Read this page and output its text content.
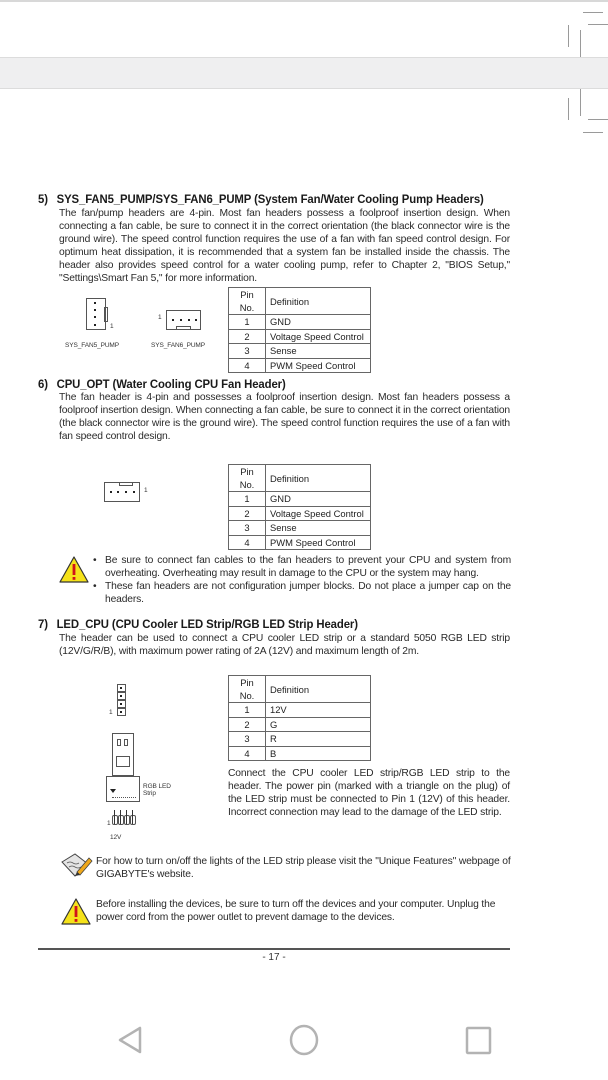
5) SYS_FAN5_PUMP/SYS_FAN6_PUMP (System Fan/Water Cooling Pump Headers)
The fan/pump headers are 4-pin. Most fan headers possess a foolproof insertion design. When connecting a fan cable, be sure to connect it in the correct orientation (the black connector wire is the ground wire). The speed control function requires the use of a fan with fan speed control design. For optimum heat dissipation, it is recommended that a system fan be installed inside the chassis. The header also provides speed control for a water cooling pump, refer to Chapter 2, "BIOS Setup," "Settings\Smart Fan 5," for more information.
1
SYS_FAN5_PUMP
1
SYS_FAN6_PUMP
Pin No.	Definition
1	GND
2	Voltage Speed Control
3	Sense
4	PWM Speed Control
6) CPU_OPT (Water Cooling CPU Fan Header)
The fan header is 4-pin and possesses a foolproof insertion design. Most fan headers possess a foolproof insertion design. When connecting a fan cable, be sure to connect it in the correct orientation (the black connector wire is the ground wire). The speed control function requires the use of a fan with fan speed control design.
1
Pin No.	Definition
1	GND
2	Voltage Speed Control
3	Sense
4	PWM Speed Control
• Be sure to connect fan cables to the fan headers to prevent your CPU and system from overheating. Overheating may result in damage to the CPU or the system may hang.
• These fan headers are not configuration jumper blocks. Do not place a jumper cap on the headers.
7) LED_CPU (CPU Cooler LED Strip/RGB LED Strip Header)
The header can be used to connect a CPU cooler LED strip or a standard 5050 RGB LED strip (12V/G/R/B), with maximum power rating of 2A (12V) and maximum length of 2m.
1
RGB LED Strip
1
12V
Pin No.	Definition
1	12V
2	G
3	R
4	B
Connect the CPU cooler LED strip/RGB LED strip to the header. The power pin (marked with a triangle on the plug) of the LED strip must be connected to Pin 1 (12V) of this header. Incorrect connection may lead to the damage of the LED strip.
For how to turn on/off the lights of the LED strip please visit the "Unique Features" webpage of GIGABYTE's website.
Before installing the devices, be sure to turn off the devices and your computer. Unplug the power cord from the power outlet to prevent damage to the devices.
- 17 -
